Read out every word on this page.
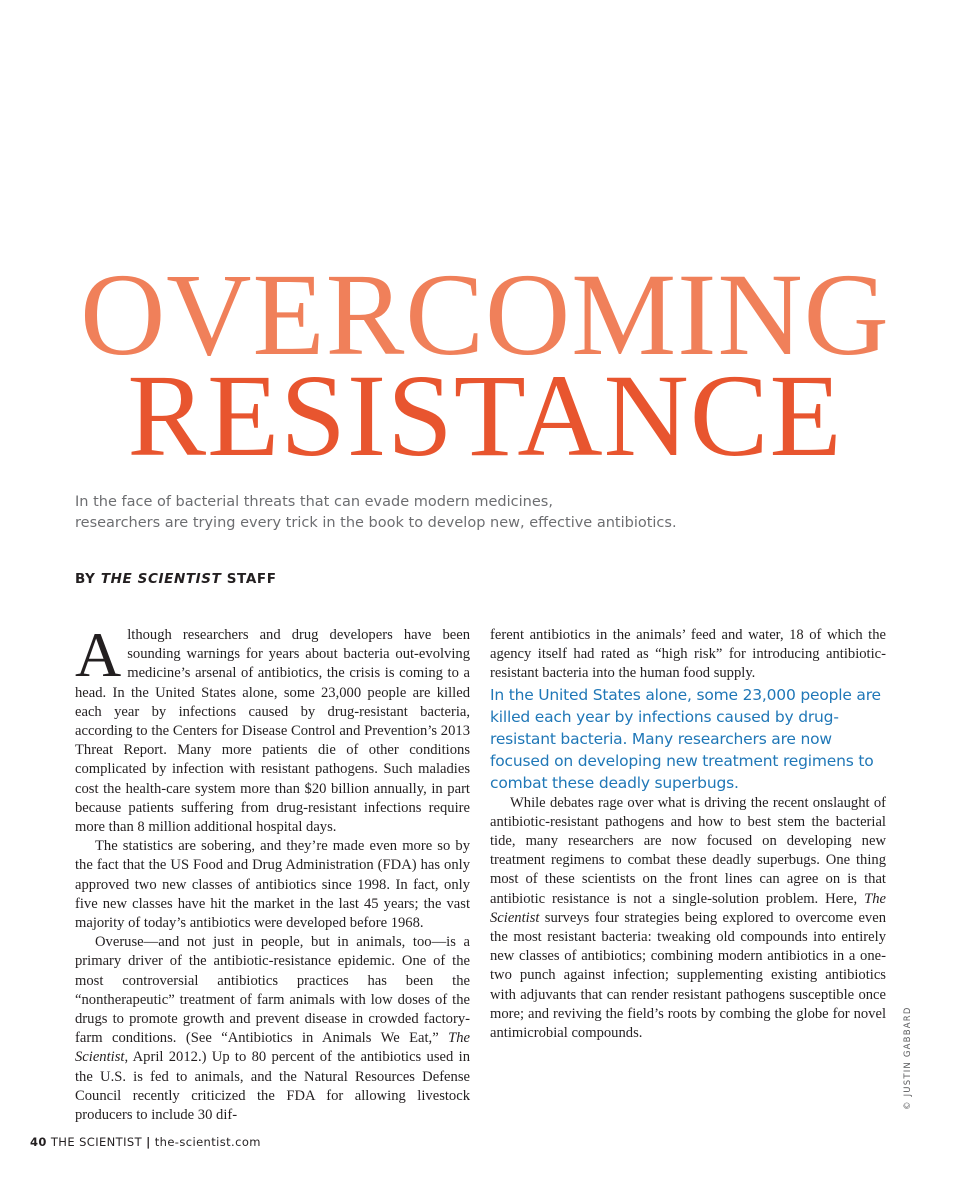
OVERCOMING
RESISTANCE

In the face of bacterial threats that can evade modern medicines,
researchers are trying every trick in the book to develop new, effective antibiotics.

BY THE SCIENTIST STAFF

Although researchers and drug developers have been sounding warnings for years about bacteria out-evolving medicine’s arsenal of antibiotics, the crisis is coming to a head. In the United States alone, some 23,000 people are killed each year by infections caused by drug-resistant bacteria, according to the Centers for Disease Control and Prevention’s 2013 Threat Report. Many more patients die of other conditions complicated by infection with resistant pathogens. Such maladies cost the health-care system more than $20 billion annually, in part because patients suffering from drug-resistant infections require more than 8 million additional hospital days.

The statistics are sobering, and they’re made even more so by the fact that the US Food and Drug Administration (FDA) has only approved two new classes of antibiotics since 1998. In fact, only five new classes have hit the market in the last 45 years; the vast majority of today’s antibiotics were developed before 1968.

Overuse—and not just in people, but in animals, too—is a primary driver of the antibiotic-resistance epidemic. One of the most controversial antibiotics practices has been the “nontherapeutic” treatment of farm animals with low doses of the drugs to promote growth and prevent disease in crowded factory-farm conditions. (See “Antibiotics in Animals We Eat,” The Scientist, April 2012.) Up to 80 percent of the antibiotics used in the U.S. is fed to animals, and the Natural Resources Defense Council recently criticized the FDA for allowing livestock producers to include 30 dif-

ferent antibiotics in the animals’ feed and water, 18 of which the agency itself had rated as “high risk” for introducing antibiotic-resistant bacteria into the human food supply.

In the United States alone, some 23,000 people are killed each year by infections caused by drug-resistant bacteria. Many researchers are now focused on developing new treatment regimens to combat these deadly superbugs.

While debates rage over what is driving the recent onslaught of antibiotic-resistant pathogens and how to best stem the bacterial tide, many researchers are now focused on developing new treatment regimens to combat these deadly superbugs. One thing most of these scientists on the front lines can agree on is that antibiotic resistance is not a single-solution problem. Here, The Scientist surveys four strategies being explored to overcome even the most resistant bacteria: tweaking old compounds into entirely new classes of antibiotics; combining modern antibiotics in a one-two punch against infection; supplementing existing antibiotics with adjuvants that can render resistant pathogens susceptible once more; and reviving the field’s roots by combing the globe for novel antimicrobial compounds.	© JUSTIN GABBARD

40 THE SCIENTIST | the-scientist.com
